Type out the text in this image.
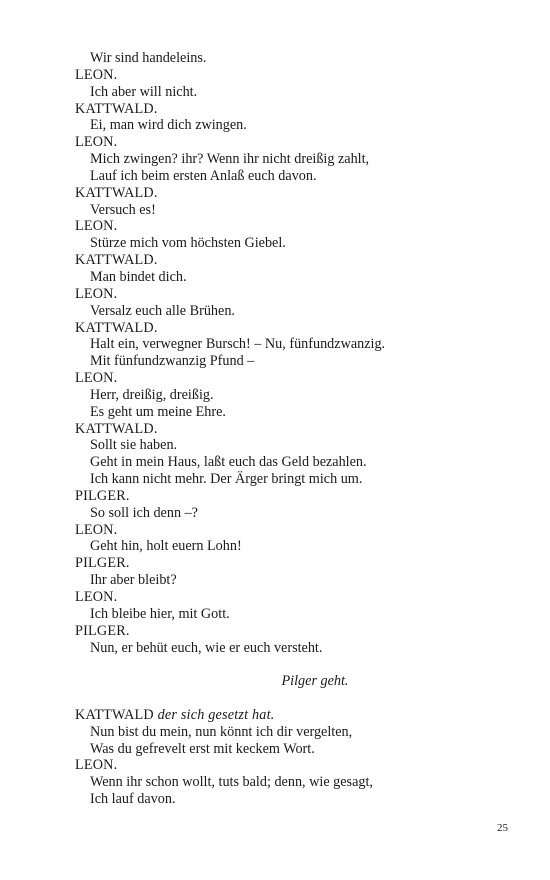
Wir sind handeleins.
LEON.
Ich aber will nicht.
KATTWALD.
Ei, man wird dich zwingen.
LEON.
Mich zwingen? ihr? Wenn ihr nicht dreißig zahlt,
Lauf ich beim ersten Anlaß euch davon.
KATTWALD.
Versuch es!
LEON.
Stürze mich vom höchsten Giebel.
KATTWALD.
Man bindet dich.
LEON.
Versalz euch alle Brühen.
KATTWALD.
Halt ein, verwegner Bursch! – Nu, fünfundzwanzig.
Mit fünfundzwanzig Pfund –
LEON.
Herr, dreißig, dreißig.
Es geht um meine Ehre.
KATTWALD.
Sollt sie haben.
Geht in mein Haus, laßt euch das Geld bezahlen.
Ich kann nicht mehr. Der Ärger bringt mich um.
PILGER.
So soll ich denn –?
LEON.
Geht hin, holt euern Lohn!
PILGER.
Ihr aber bleibt?
LEON.
Ich bleibe hier, mit Gott.
PILGER.
Nun, er behüt euch, wie er euch versteht.
Pilger geht.
KATTWALD der sich gesetzt hat.
Nun bist du mein, nun könnt ich dir vergelten,
Was du gefrevelt erst mit keckem Wort.
LEON.
Wenn ihr schon wollt, tuts bald; denn, wie gesagt,
Ich lauf davon.
25
